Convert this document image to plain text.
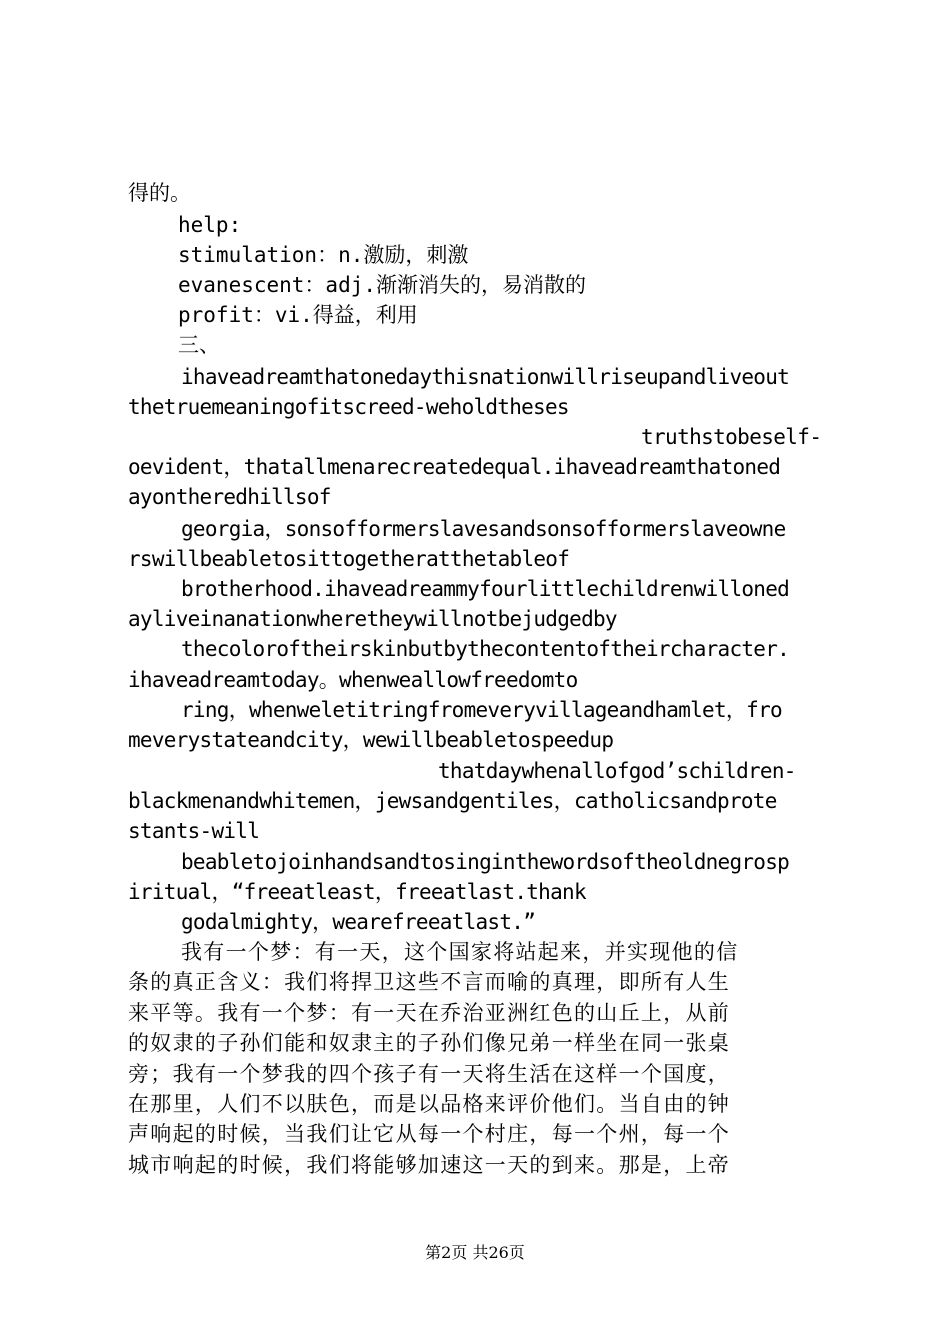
得的。
help:
stimulation：n.激励，刺激
evanescent：adj.渐渐消失的，易消散的
profit：vi.得益，利用
三、
ihaveadreamthatonedaythisnationwillriseupandliveout
thetruemeaningofitscreed-weholdtheses
truthstobeself-
oevident，thatallmenarecreatedequal.ihaveadreamthatoned
ayontheredhillsof
georgia，sonsofformerslavesandsonsofformerslaveowne
rswillbeabletosittogetheratthetableof
brotherhood.ihaveadreammyfourlittlechildrenwilloned
ayliveinanationwheretheywillnotbejudgedby
thecoloroftheirskinbutbythecontentoftheircharacter.
ihaveadreamtoday。whenweallowfreedomto
ring，whenweletitringfromeveryvillageandhamlet，fro
meverystateandcity，wewillbeabletospeedup
thatdaywhenallofgod’schildren-
blackmenandwhitemen，jewsandgentiles，catholicsandprote
stants-will
beabletojoinhandsandtosinginthewordsoftheoldnegrosp
iritual，“freeatleast，freeatlast.thank
godalmighty，wearefreeatlast.”
我有一个梦：有一天，这个国家将站起来，并实现他的信
条的真正含义：我们将捍卫这些不言而喻的真理，即所有人生
来平等。我有一个梦：有一天在乔治亚洲红色的山丘上，从前
的奴隶的子孙们能和奴隶主的子孙们像兄弟一样坐在同一张桌
旁；我有一个梦我的四个孩子有一天将生活在这样一个国度，
在那里，人们不以肤色，而是以品格来评价他们。当自由的钟
声响起的时候，当我们让它从每一个村庄，每一个州，每一个
城市响起的时候，我们将能够加速这一天的到来。那是，上帝
第2页 共26页
